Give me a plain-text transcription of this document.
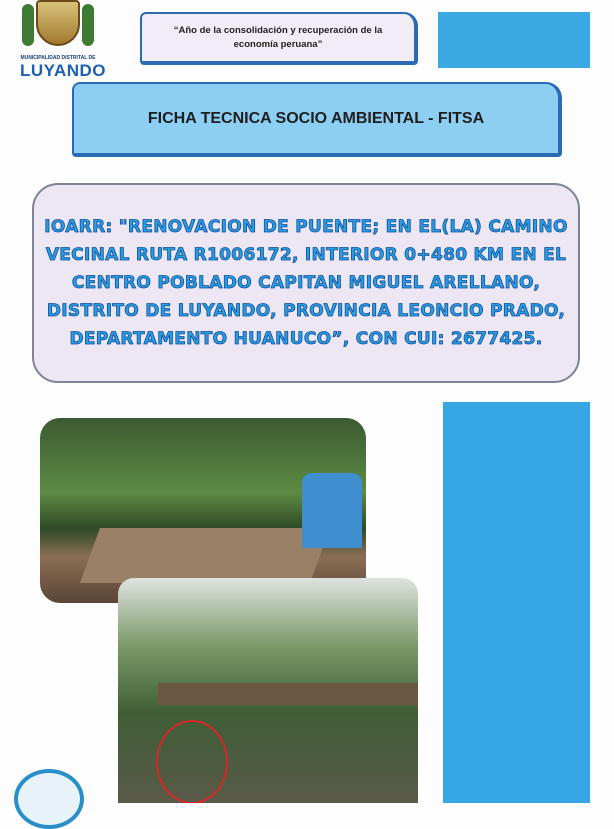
MUNICIPALIDAD DISTRITAL DE
LUYANDO
“Año de la consolidación y recuperación de la economía peruana”
FICHA TECNICA SOCIO AMBIENTAL - FITSA
IOARR: "RENOVACION DE PUENTE; EN EL(LA) CAMINO VECINAL RUTA R1006172, INTERIOR 0+480 KM EN EL CENTRO POBLADO CAPITAN MIGUEL ARELLANO, DISTRITO DE LUYANDO, PROVINCIA LEONCIO PRADO, DEPARTAMENTO HUANUCO”, CON CUI: 2677425.
